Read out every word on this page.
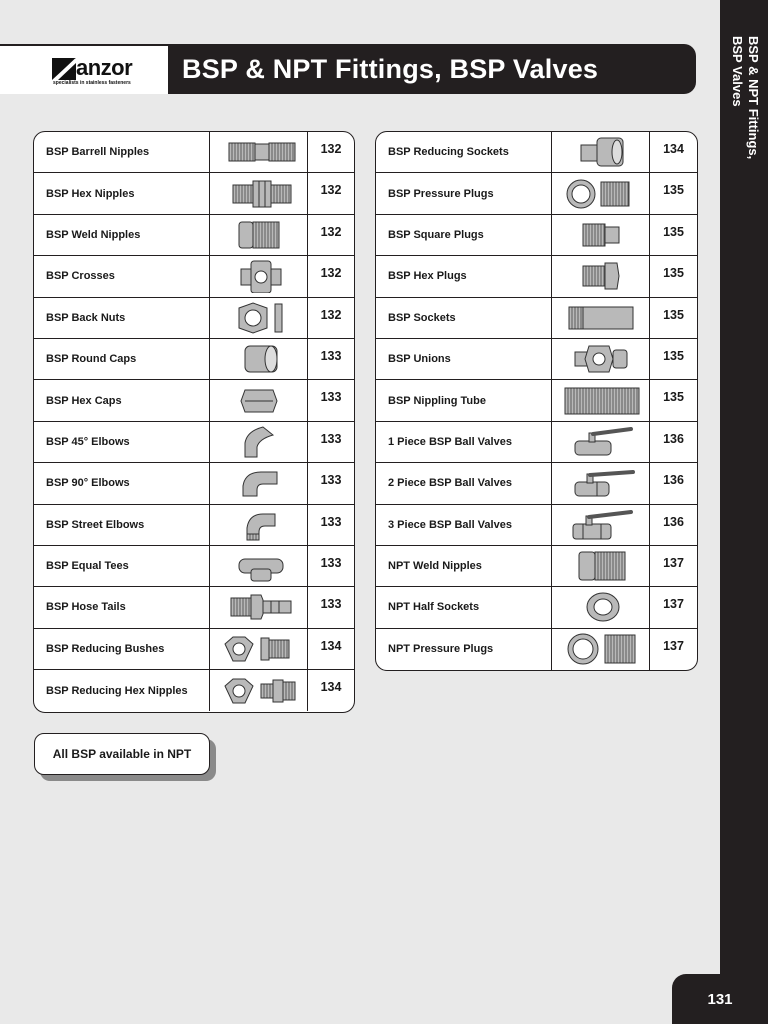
BSP & NPT Fittings, BSP Valves
131
anzor
specialists in stainless fasteners	BSP & NPT Fittings, BSP Valves
BSP Barrell Nipples	132
BSP Hex Nipples	132
BSP Weld Nipples	132
BSP Crosses	132
BSP Back Nuts	132
BSP Round Caps	133
BSP Hex Caps	133
BSP 45° Elbows	133
BSP 90° Elbows	133
BSP Street Elbows	133
BSP Equal Tees	133
BSP Hose Tails	133
BSP Reducing Bushes	134
BSP Reducing Hex Nipples	134
BSP Reducing Sockets	134
BSP Pressure Plugs	135
BSP Square Plugs	135
BSP Hex Plugs	135
BSP Sockets	135
BSP Unions	135
BSP Nippling Tube	135
1 Piece BSP Ball Valves	136
2 Piece BSP Ball Valves	136
3 Piece BSP Ball Valves	136
NPT Weld Nipples	137
NPT Half Sockets	137
NPT Pressure Plugs	137
All BSP available in NPT
